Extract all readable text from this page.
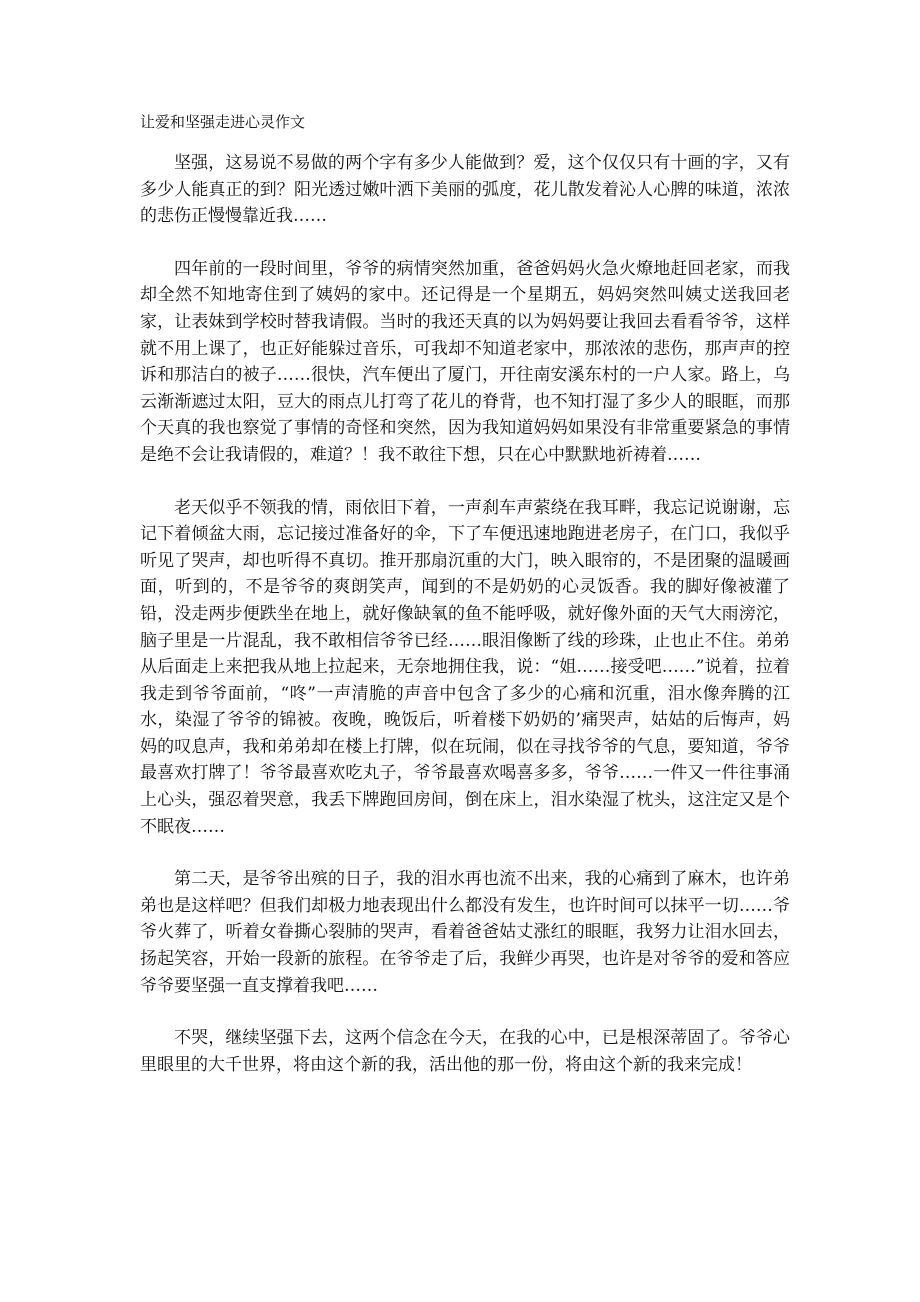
让爱和坚强走进心灵作文

坚强，这易说不易做的两个字有多少人能做到？爱，这个仅仅只有十画的字，又有多少人能真正的到？阳光透过嫩叶洒下美丽的弧度，花儿散发着沁人心脾的味道，浓浓的悲伤正慢慢靠近我……

四年前的一段时间里，爷爷的病情突然加重，爸爸妈妈火急火燎地赶回老家，而我却全然不知地寄住到了姨妈的家中。还记得是一个星期五，妈妈突然叫姨丈送我回老家，让表妹到学校时替我请假。当时的我还天真的以为妈妈要让我回去看看爷爷，这样就不用上课了，也正好能躲过音乐，可我却不知道老家中，那浓浓的悲伤，那声声的控诉和那洁白的被子……很快，汽车便出了厦门，开往南安溪东村的一户人家。路上，乌云渐渐遮过太阳，豆大的雨点儿打弯了花儿的脊背，也不知打湿了多少人的眼眶，而那个天真的我也察觉了事情的奇怪和突然，因为我知道妈妈如果没有非常重要紧急的事情是绝不会让我请假的，难道？！我不敢往下想，只在心中默默地祈祷着……

老天似乎不领我的情，雨依旧下着，一声刹车声萦绕在我耳畔，我忘记说谢谢，忘记下着倾盆大雨，忘记接过准备好的伞，下了车便迅速地跑进老房子，在门口，我似乎听见了哭声，却也听得不真切。推开那扇沉重的大门，映入眼帘的，不是团聚的温暖画面，听到的，不是爷爷的爽朗笑声，闻到的不是奶奶的心灵饭香。我的脚好像被灌了铅，没走两步便跌坐在地上，就好像缺氧的鱼不能呼吸，就好像外面的天气大雨滂沱，脑子里是一片混乱，我不敢相信爷爷已经……眼泪像断了线的珍珠，止也止不住。弟弟从后面走上来把我从地上拉起来，无奈地拥住我，说：“姐……接受吧……”说着，拉着我走到爷爷面前，“咚”一声清脆的声音中包含了多少的心痛和沉重，泪水像奔腾的江水，染湿了爷爷的锦被。夜晚，晚饭后，听着楼下奶奶的’痛哭声，姑姑的后悔声，妈妈的叹息声，我和弟弟却在楼上打牌，似在玩闹，似在寻找爷爷的气息，要知道，爷爷最喜欢打牌了！爷爷最喜欢吃丸子，爷爷最喜欢喝喜多多，爷爷……一件又一件往事涌上心头，强忍着哭意，我丢下牌跑回房间，倒在床上，泪水染湿了枕头，这注定又是个不眠夜……

第二天，是爷爷出殡的日子，我的泪水再也流不出来，我的心痛到了麻木，也许弟弟也是这样吧？但我们却极力地表现出什么都没有发生，也许时间可以抹平一切……爷爷火葬了，听着女眷撕心裂肺的哭声，看着爸爸姑丈涨红的眼眶，我努力让泪水回去，扬起笑容，开始一段新的旅程。在爷爷走了后，我鲜少再哭，也许是对爷爷的爱和答应爷爷要坚强一直支撑着我吧……

不哭，继续坚强下去，这两个信念在今天，在我的心中，已是根深蒂固了。爷爷心里眼里的大千世界，将由这个新的我，活出他的那一份，将由这个新的我来完成！
